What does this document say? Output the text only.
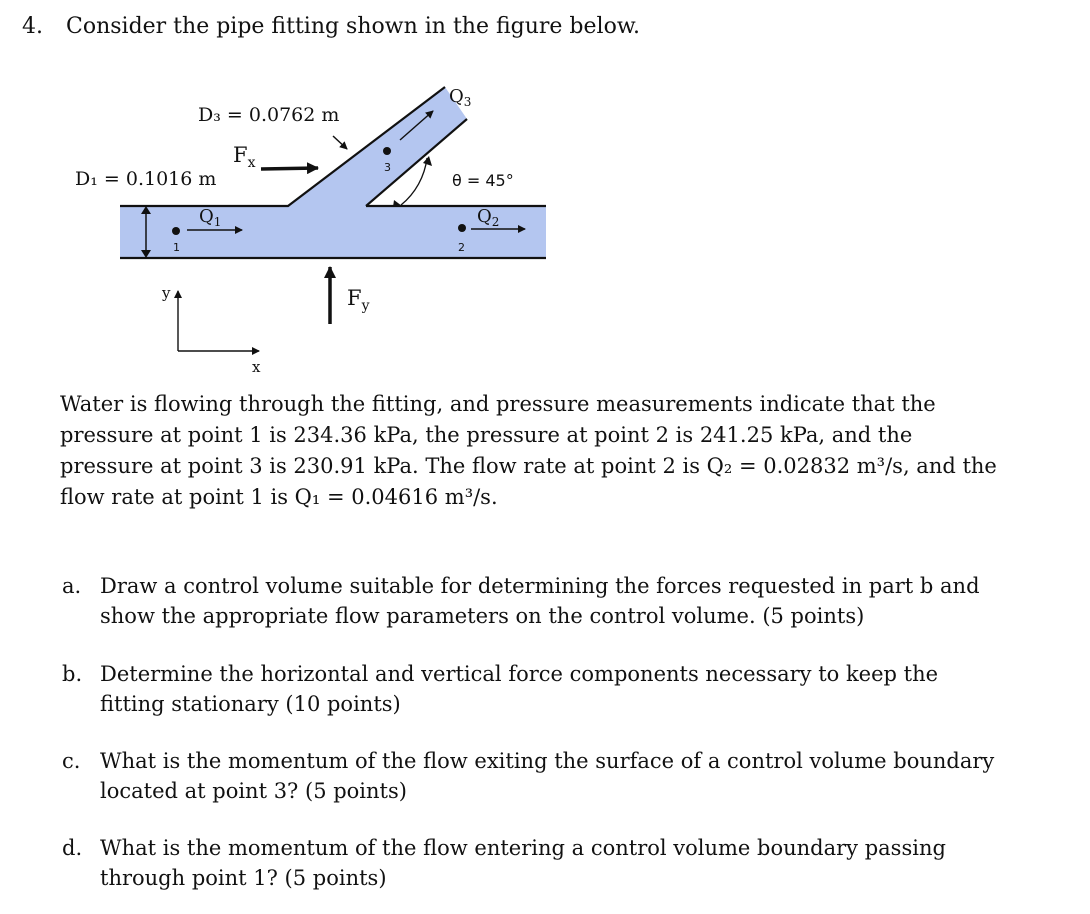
4. Consider the pipe fitting shown in the figure below.
D₃ = 0.0762 m
$F_x$
D₁ = 0.1016 m
1
$Q_1$
2
$Q_2$
3
$Q_3$
θ = 45°
$F_y$
y
x
Water is flowing through the fitting, and pressure measurements indicate that the
pressure at point 1 is 234.36 kPa, the pressure at point 2 is 241.25 kPa, and the
pressure at point 3 is 230.91 kPa. The flow rate at point 2 is Q₂ = 0.02832 m³/s, and the
flow rate at point 1 is Q₁ = 0.04616 m³/s.
a. Draw a control volume suitable for determining the forces requested in part b and
show the appropriate flow parameters on the control volume. (5 points)
b. Determine the horizontal and vertical force components necessary to keep the
fitting stationary (10 points)
c. What is the momentum of the flow exiting the surface of a control volume boundary
located at point 3? (5 points)
d. What is the momentum of the flow entering a control volume boundary passing
through point 1? (5 points)
